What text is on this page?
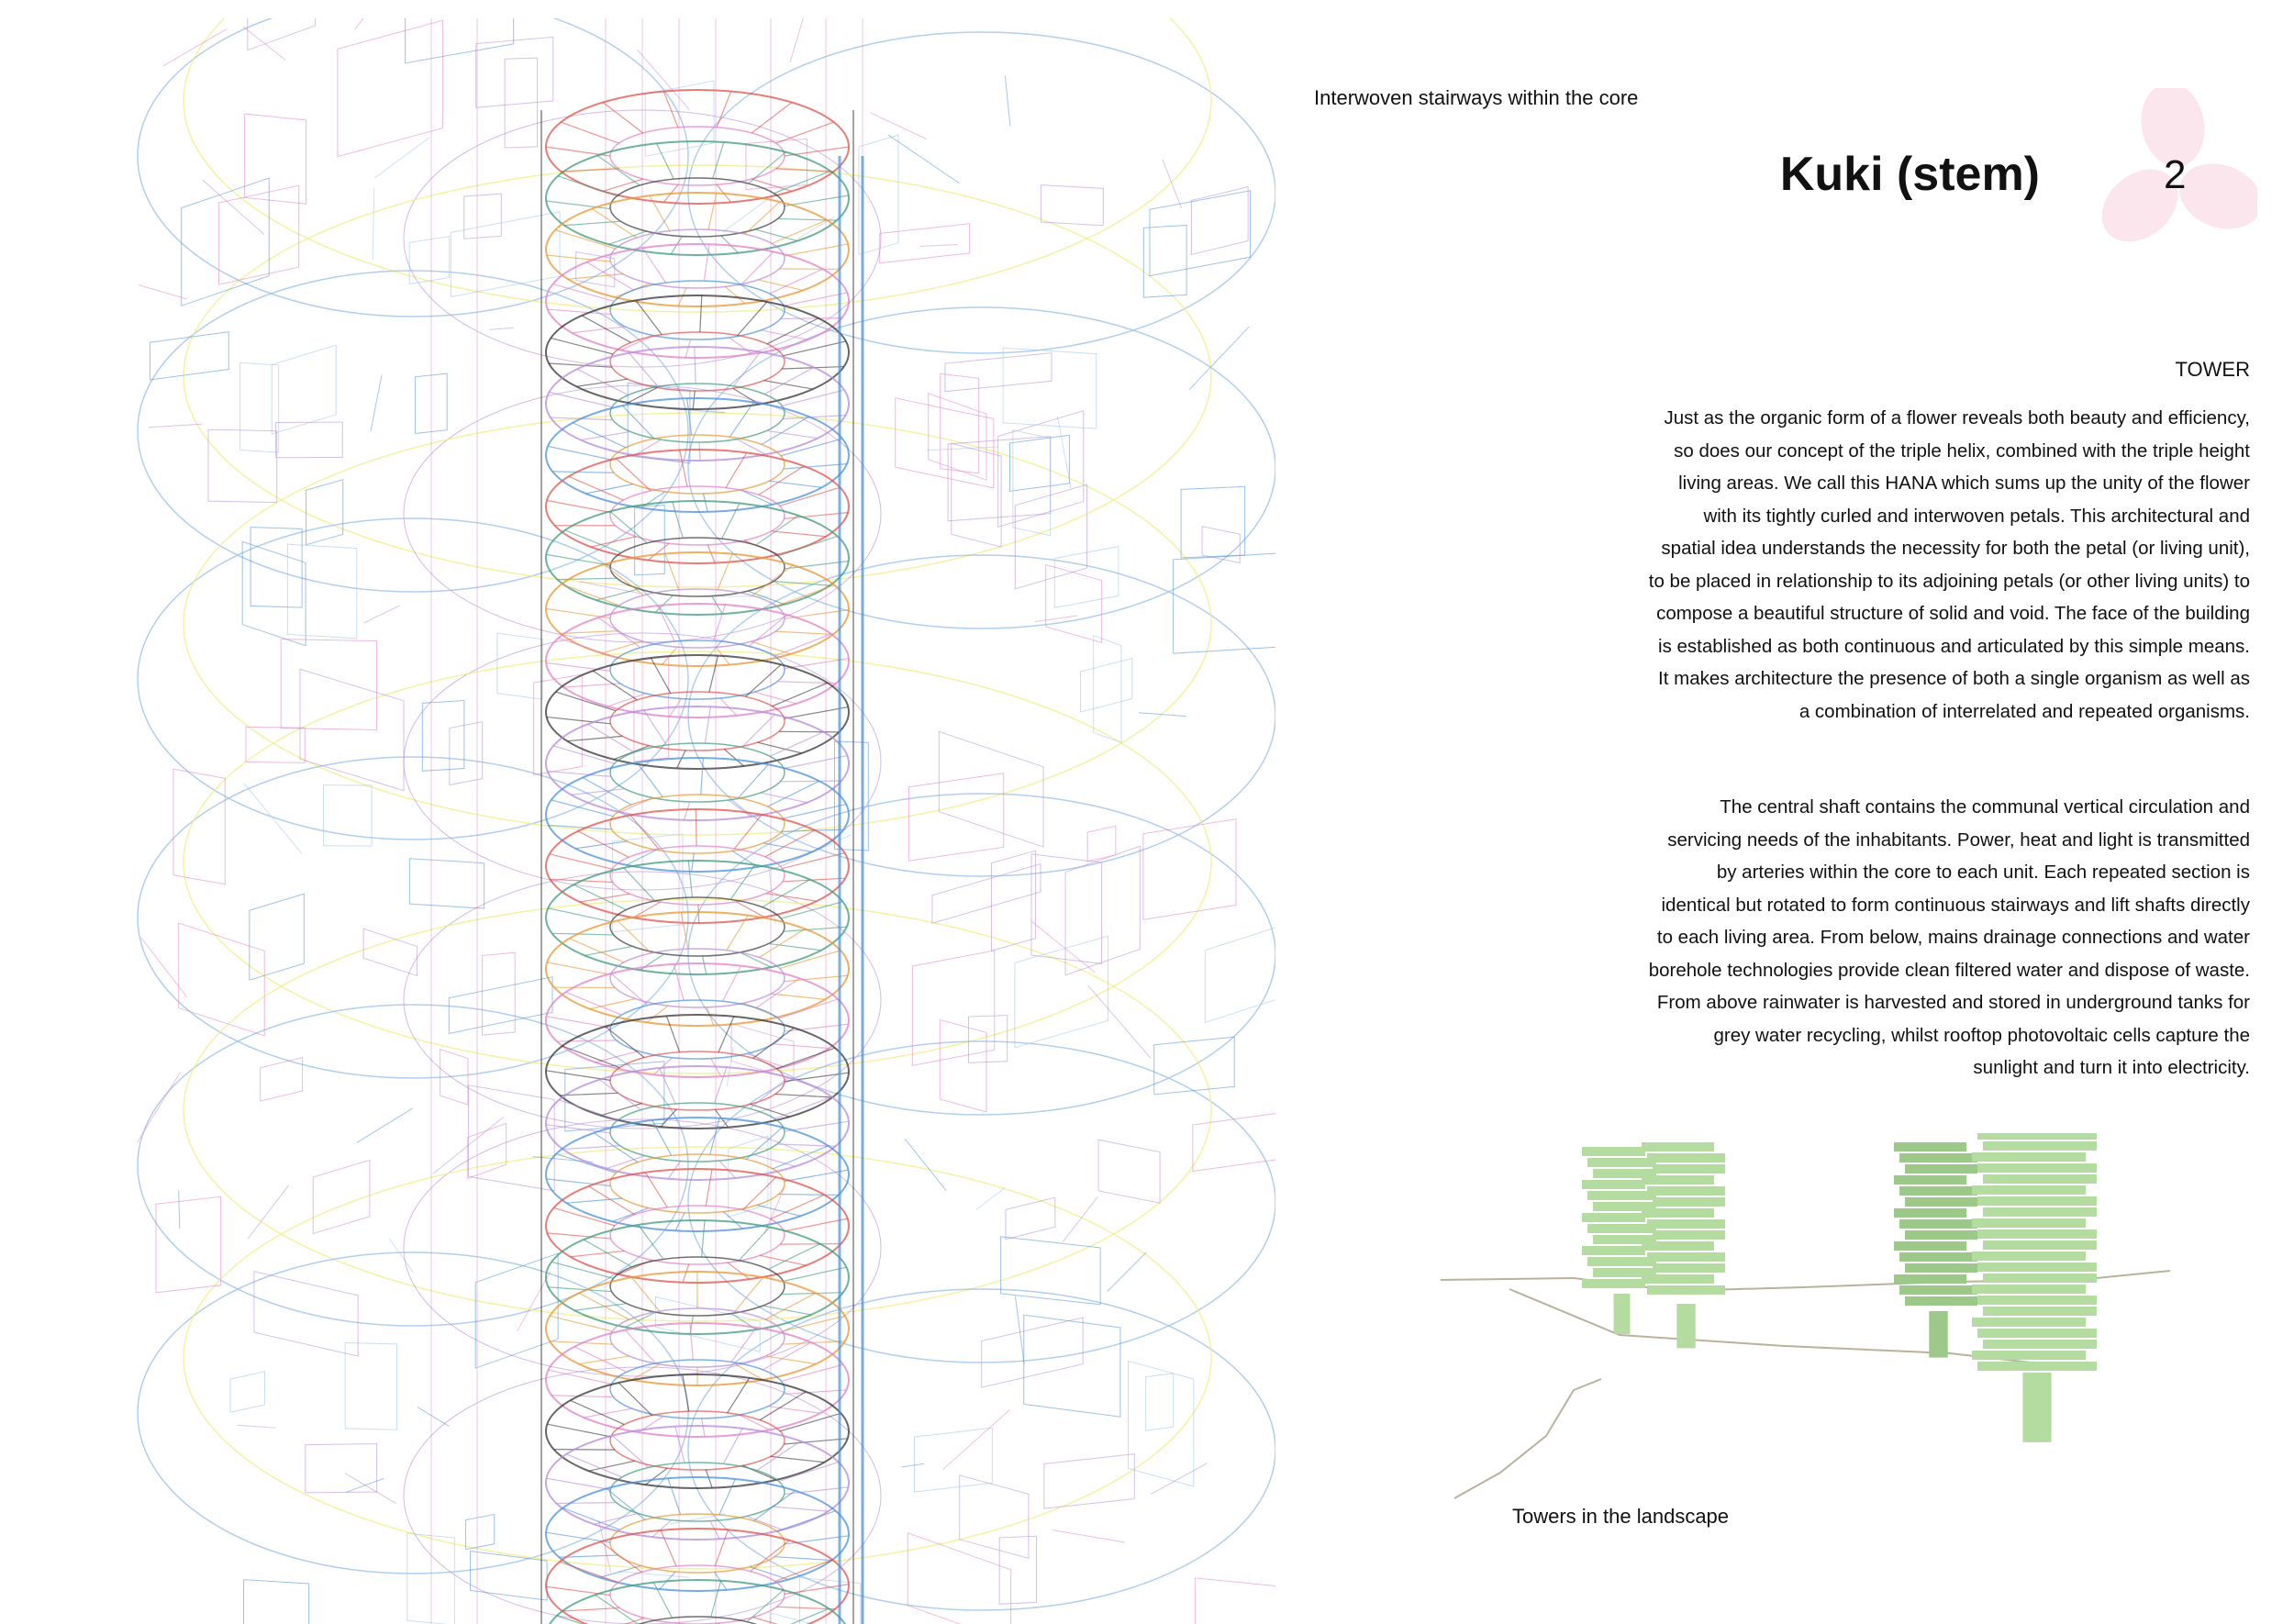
Interwoven stairways within the core
Kuki (stem)	2
TOWER

Just as the organic form of a flower reveals both beauty and efficiency, so does our concept of the triple helix, combined with the triple height living areas. We call this HANA which sums up the unity of the flower with its tightly curled and interwoven petals. This architectural and spatial idea understands the necessity for both the petal (or living unit), to be placed in relationship to its adjoining petals (or other living units) to compose a beautiful structure of solid and void. The face of the building is established as both continuous and articulated by this simple means. It makes architecture the presence of both a single organism as well as a combination of interrelated and repeated organisms.

The central shaft contains the communal vertical circulation and servicing needs of the inhabitants. Power, heat and light is transmitted by arteries within the core to each unit. Each repeated section is identical but rotated to form continuous stairways and lift shafts directly to each living area. From below, mains drainage connections and water borehole technologies provide clean filtered water and dispose of waste. From above rainwater is harvested and stored in underground tanks for grey water recycling, whilst rooftop photovoltaic cells capture the sunlight and turn it into electricity.

Towers in the landscape
